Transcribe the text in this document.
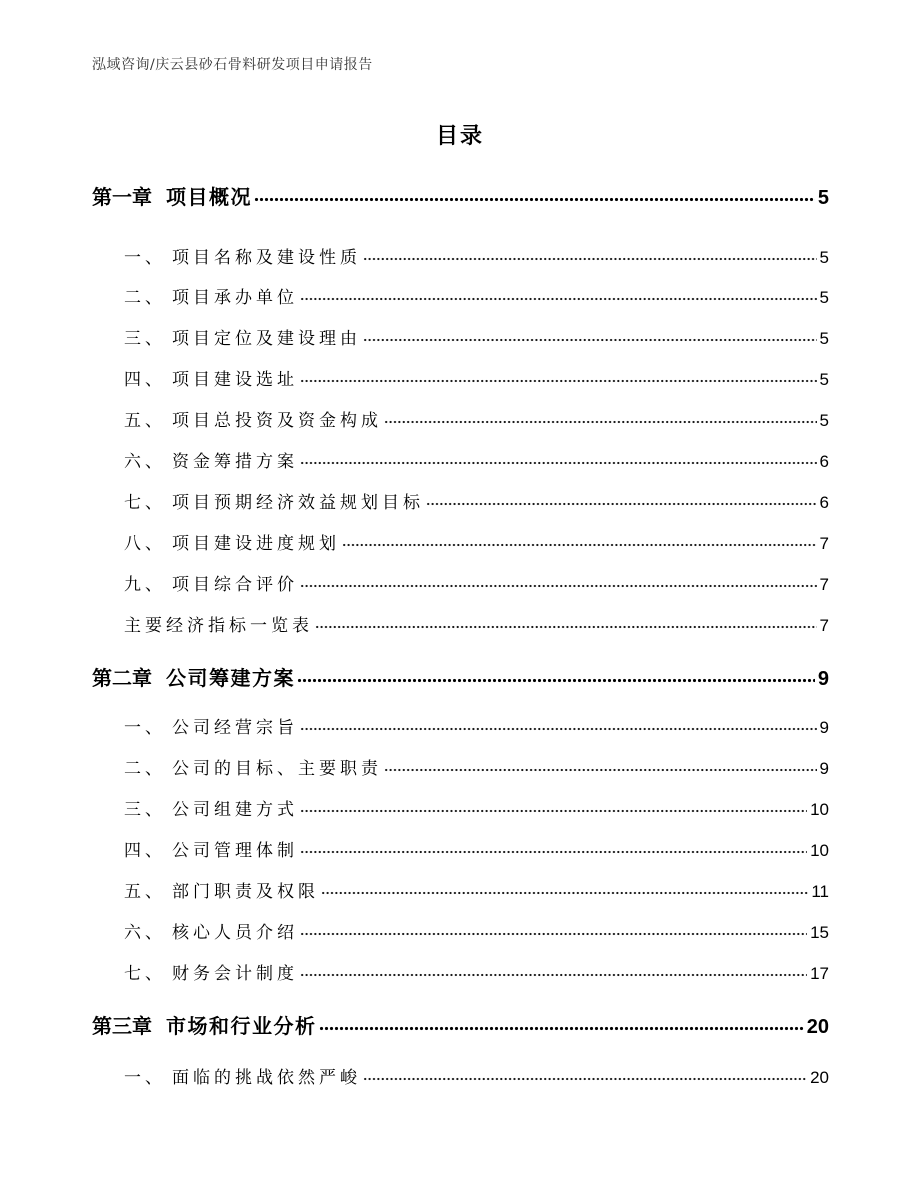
泓域咨询/庆云县砂石骨料研发项目申请报告
目录
第一章 项目概况	5
一、 项目名称及建设性质	5
二、 项目承办单位	5
三、 项目定位及建设理由	5
四、 项目建设选址	5
五、 项目总投资及资金构成	5
六、 资金筹措方案	6
七、 项目预期经济效益规划目标	6
八、 项目建设进度规划	7
九、 项目综合评价	7
主要经济指标一览表	7
第二章 公司筹建方案	9
一、 公司经营宗旨	9
二、 公司的目标、主要职责	9
三、 公司组建方式	10
四、 公司管理体制	10
五、 部门职责及权限	11
六、 核心人员介绍	15
七、 财务会计制度	17
第三章 市场和行业分析	20
一、 面临的挑战依然严峻	20
